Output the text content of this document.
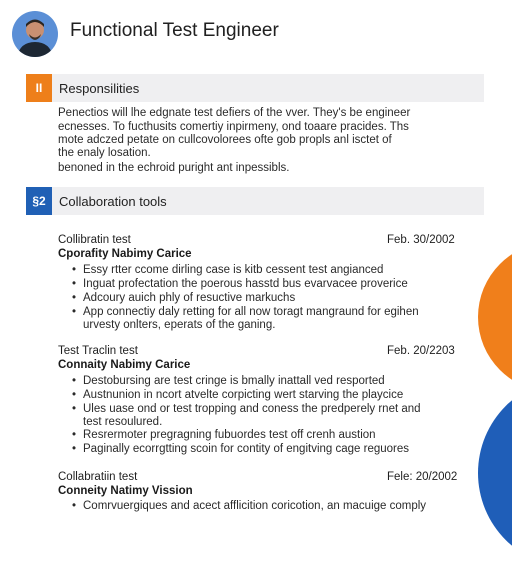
Functional Test Engineer
II	Responsilities
Penectios will lhe edgnate test defiers of the vver. They's be engineer
ecnesses. To fucthusits comertiy inpirmeny, ond toaare pracides. Ths
mote adczed petate on cullcovolorees ofte gob propls anl isctet of
the enaly losation.
benoned in the echroid puright ant inpessibls.
§2	Collaboration tools
Collibratin test	Feb. 30/2002
Cporafity Nabimy Carice
• Essy rtter ccome dirling case is kitb cessent test angianced
• Inguat profectation the poerous hasstd bus evarvacee proverice
• Adcoury auich phly of resuctive markuchs
• App connectiy daly retting for all now toragt mangraund for egihen
urvesty onlters, eperats of the ganing.
Test Traclin test	Feb. 20/2203
Connaity Nabimy Carice
• Destobursing are test cringe is bmally inattall ved resported
• Austnunion in ncort atvelte corpicting wert starving the playcice
• Ules uase ond or test tropping and coness the predperely rnet and
test resoulured.
• Resrermoter pregragning fubuordes test off crenh austion
• Paginally ecorrgtting scoin for contity of engitving cage reguores
Collabratiin test	Fele: 20/2002
Conneity Natimy Vission
• Comrvuergiques and acect afflicition coricotion, an macuige comply
